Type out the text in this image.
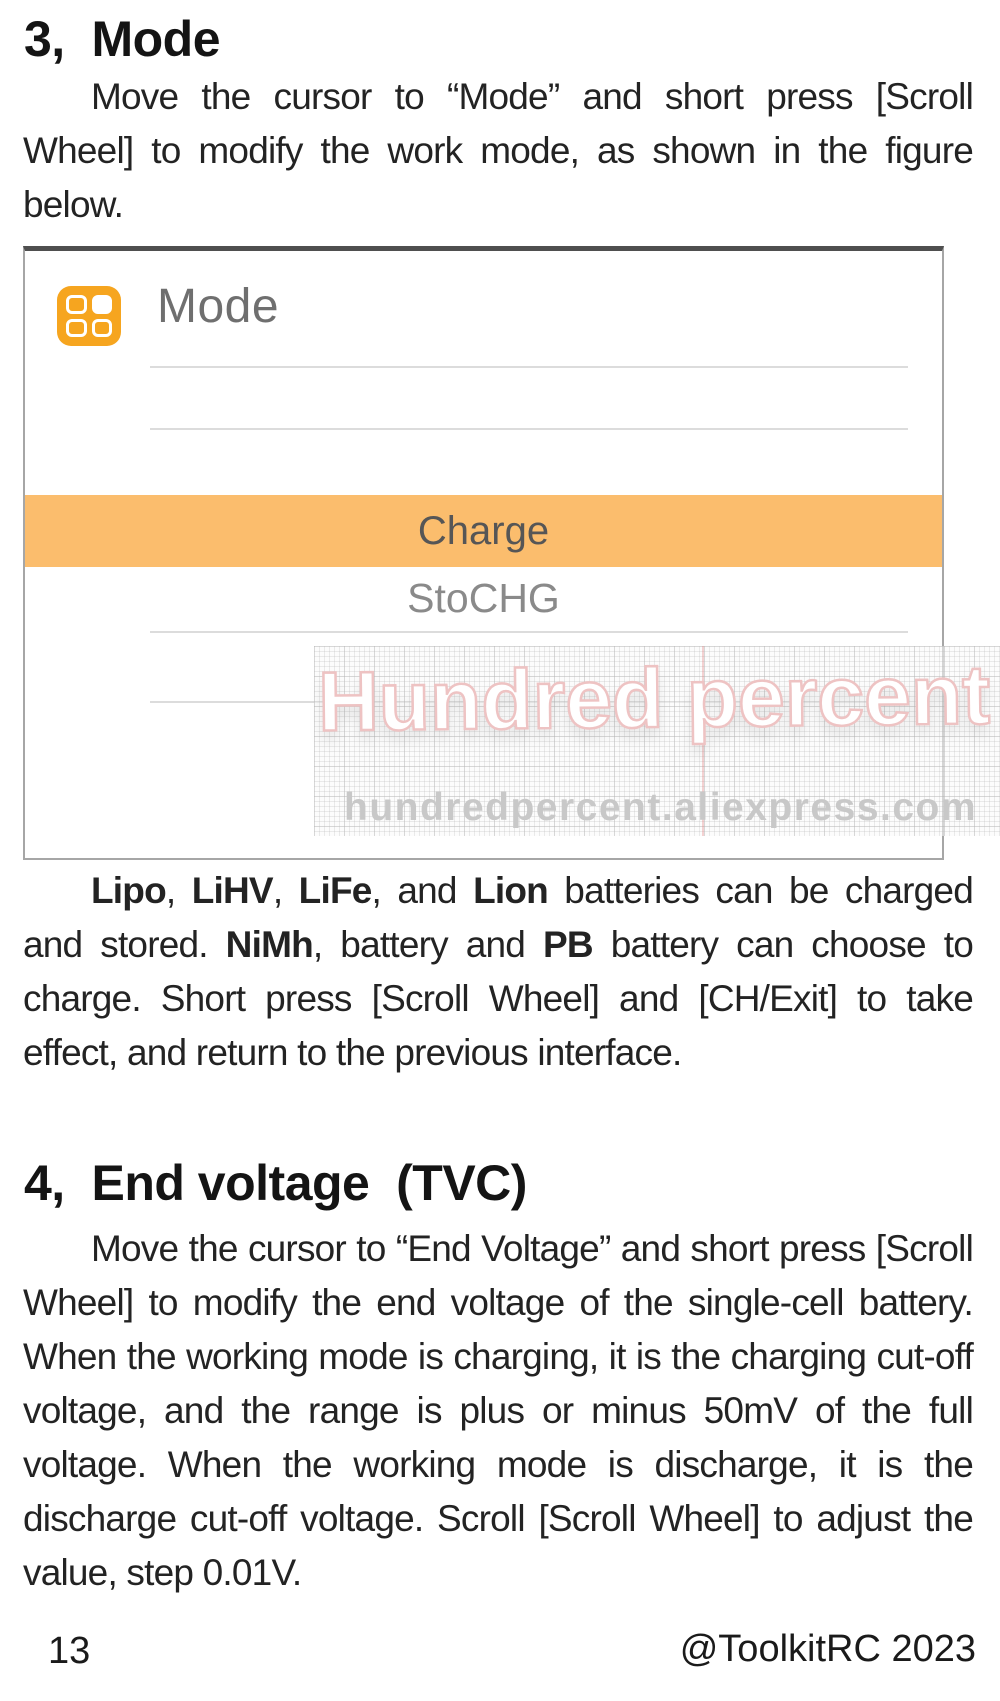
3,  Mode
Move the cursor to “Mode” and short press [Scroll Wheel] to modify the work mode, as shown in the figure below.
Mode
Charge
StoCHG
Hundred percent
hundredpercent.aliexpress.com
Lipo, LiHV, LiFe, and Lion batteries can be charged and stored. NiMh, battery and PB battery can choose to charge. Short press [Scroll Wheel] and [CH/Exit] to take effect, and return to the previous interface.
4,  End voltage  (TVC)
Move the cursor to “End Voltage” and short press [Scroll Wheel] to modify the end voltage of the single-cell battery. When the working mode is charging, it is the charging cut-off voltage, and the range is plus or minus 50mV of the full voltage. When the working mode is discharge, it is the discharge cut-off voltage. Scroll [Scroll Wheel] to adjust the value, step 0.01V.
13	@ToolkitRC 2023
